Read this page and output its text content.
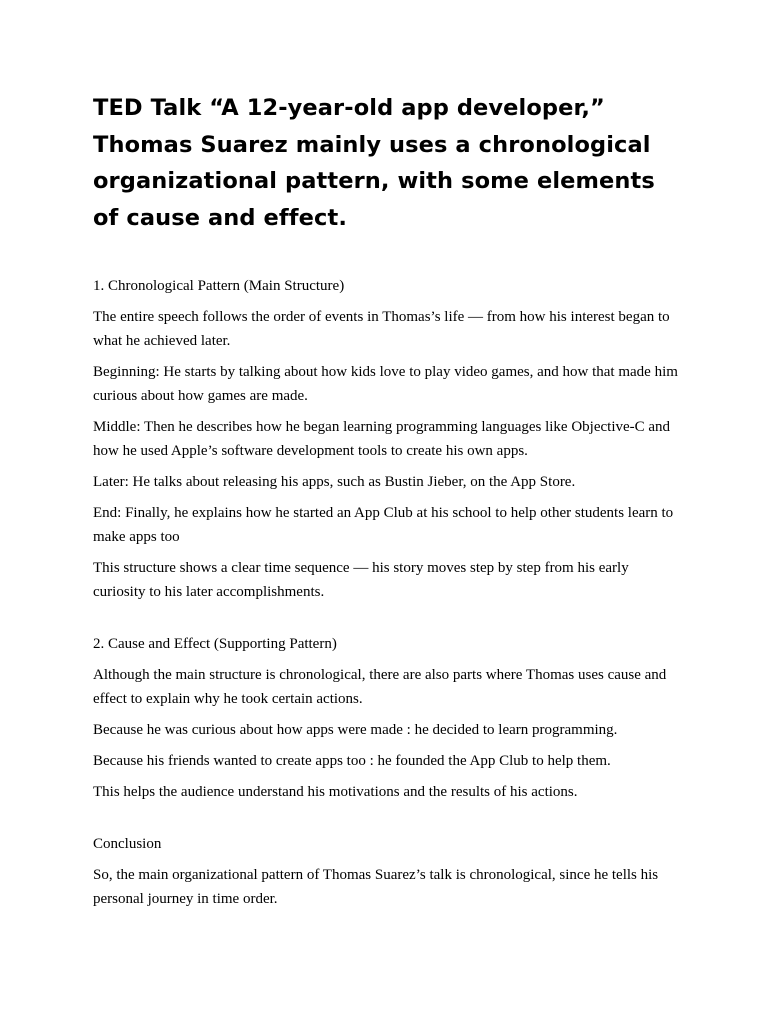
TED Talk “A 12-year-old app developer,” Thomas Suarez mainly uses a chronological organizational pattern, with some elements of cause and effect.

1. Chronological Pattern (Main Structure)

The entire speech follows the order of events in Thomas’s life — from how his interest began to what he achieved later.

Beginning: He starts by talking about how kids love to play video games, and how that made him curious about how games are made.

Middle: Then he describes how he began learning programming languages like Objective-C and how he used Apple’s software development tools to create his own apps.

Later: He talks about releasing his apps, such as Bustin Jieber, on the App Store.

End: Finally, he explains how he started an App Club at his school to help other students learn to make apps too

This structure shows a clear time sequence — his story moves step by step from his early curiosity to his later accomplishments.

2. Cause and Effect (Supporting Pattern)

Although the main structure is chronological, there are also parts where Thomas uses cause and effect to explain why he took certain actions.

Because he was curious about how apps were made : he decided to learn programming.

Because his friends wanted to create apps too : he founded the App Club to help them.

This helps the audience understand his motivations and the results of his actions.

Conclusion

So, the main organizational pattern of Thomas Suarez’s talk is chronological, since he tells his personal journey in time order.
